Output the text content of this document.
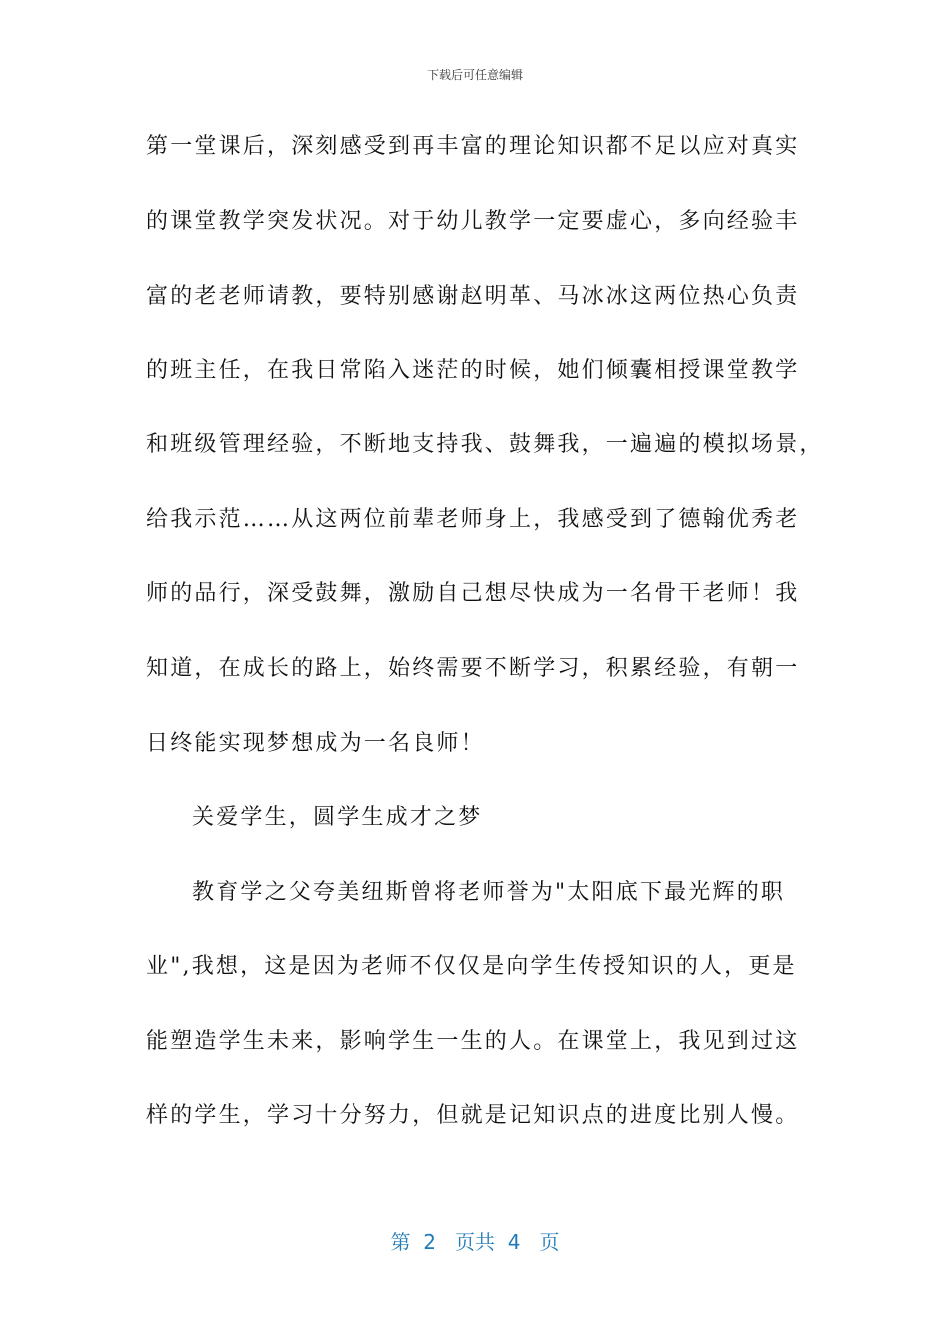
下载后可任意编辑
第一堂课后，深刻感受到再丰富的理论知识都不足以应对真实
的课堂教学突发状况。对于幼儿教学一定要虚心，多向经验丰
富的老老师请教，要特别感谢赵明革、马冰冰这两位热心负责
的班主任，在我日常陷入迷茫的时候，她们倾囊相授课堂教学
和班级管理经验，不断地支持我、鼓舞我，一遍遍的模拟场景，
给我示范……从这两位前辈老师身上，我感受到了德翰优秀老
师的品行，深受鼓舞，激励自己想尽快成为一名骨干老师！我
知道，在成长的路上，始终需要不断学习，积累经验，有朝一
日终能实现梦想成为一名良师！
关爱学生，圆学生成才之梦
教育学之父夸美纽斯曾将老师誉为"太阳底下最光辉的职
业",我想，这是因为老师不仅仅是向学生传授知识的人，更是
能塑造学生未来，影响学生一生的人。在课堂上，我见到过这
样的学生，学习十分努力，但就是记知识点的进度比别人慢。
第  2   页共  4   页
